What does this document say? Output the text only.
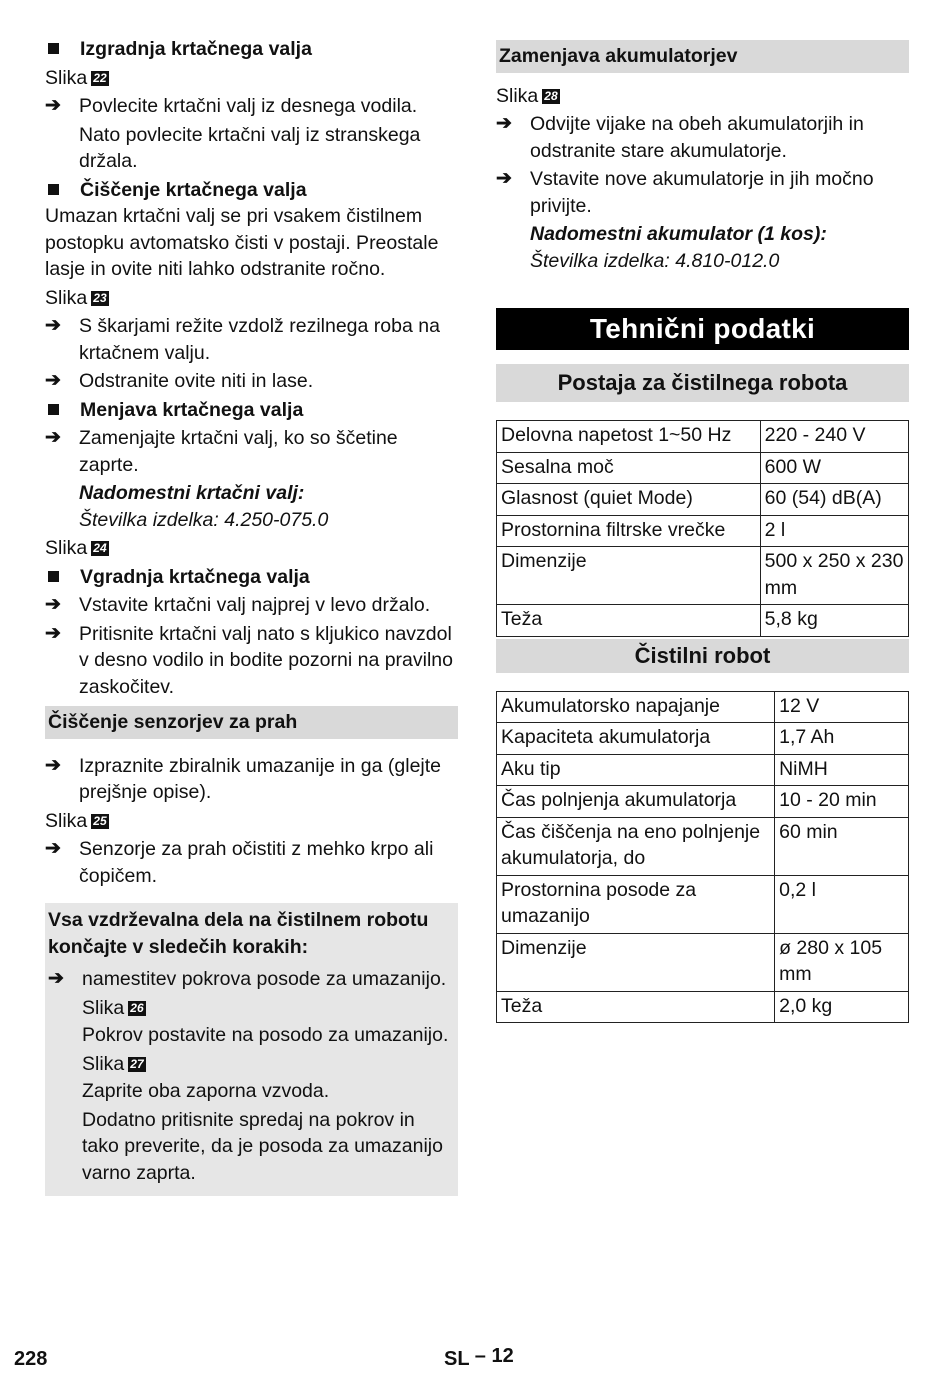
Izgradnja krtačnega valja
Slika 22
➔ Povlecite krtačni valj iz desnega vodila.
Nato povlecite krtačni valj iz stranskega držala.
Čiščenje krtačnega valja

Umazan krtačni valj se pri vsakem čistilnem postopku avtomatsko čisti v postaji. Preostale lasje in ovite niti lahko odstranite ročno.

Slika 23
➔ S škarjami režite vzdolž rezilnega roba na krtačnem valju.
➔ Odstranite ovite niti in lase.
Menjava krtačnega valja
➔ Zamenjajte krtačni valj, ko so ščetine zaprte.
Nadomestni krtačni valj:
Številka izdelka: 4.250-075.0
Slika 24
Vgradnja krtačnega valja
➔ Vstavite krtačni valj najprej v levo držalo.
➔ Pritisnite krtačni valj nato s kljukico navzdol v desno vodilo in bodite pozorni na pravilno zaskočitev.
Čiščenje senzorjev za prah
➔ Izpraznite zbiralnik umazanije in ga (glejte prejšnje opise).
Slika 25
➔ Senzorje za prah očistiti z mehko krpo ali čopičem.
Vsa vzdrževalna dela na čistilnem robotu končajte v sledečih korakih:
➔ namestitev pokrova posode za umazanijo.
Slika 26
Pokrov postavite na posodo za umazanijo.
Slika 27
Zaprite oba zaporna vzvoda.
Dodatno pritisnite spredaj na pokrov in tako preverite, da je posoda za umazanijo varno zaprta.
Zamenjava akumulatorjev
Slika 28
➔ Odvijte vijake na obeh akumulatorjih in odstranite stare akumulatorje.
➔ Vstavite nove akumulatorje in jih močno privijte.
Nadomestni akumulator (1 kos):
Številka izdelka: 4.810-012.0
Tehnični podatki
Postaja za čistilnega robota
Delovna napetost 1~50 Hz	220 - 240 V
Sesalna moč	600 W
Glasnost (quiet Mode)	60 (54) dB(A)
Prostornina filtrske vrečke	2 l
Dimenzije	500 x 250 x 230 mm
Teža	5,8 kg
Čistilni robot
Akumulatorsko napajanje	12 V
Kapaciteta akumulatorja	1,7 Ah
Aku tip	NiMH
Čas polnjenja akumulatorja	10 - 20 min
Čas čiščenja na eno polnjenje akumulatorja, do	60 min
Prostornina posode za umazanijo	0,2 l
Dimenzije	ø 280 x 105 mm
Teža	2,0 kg
228	SL – 12
